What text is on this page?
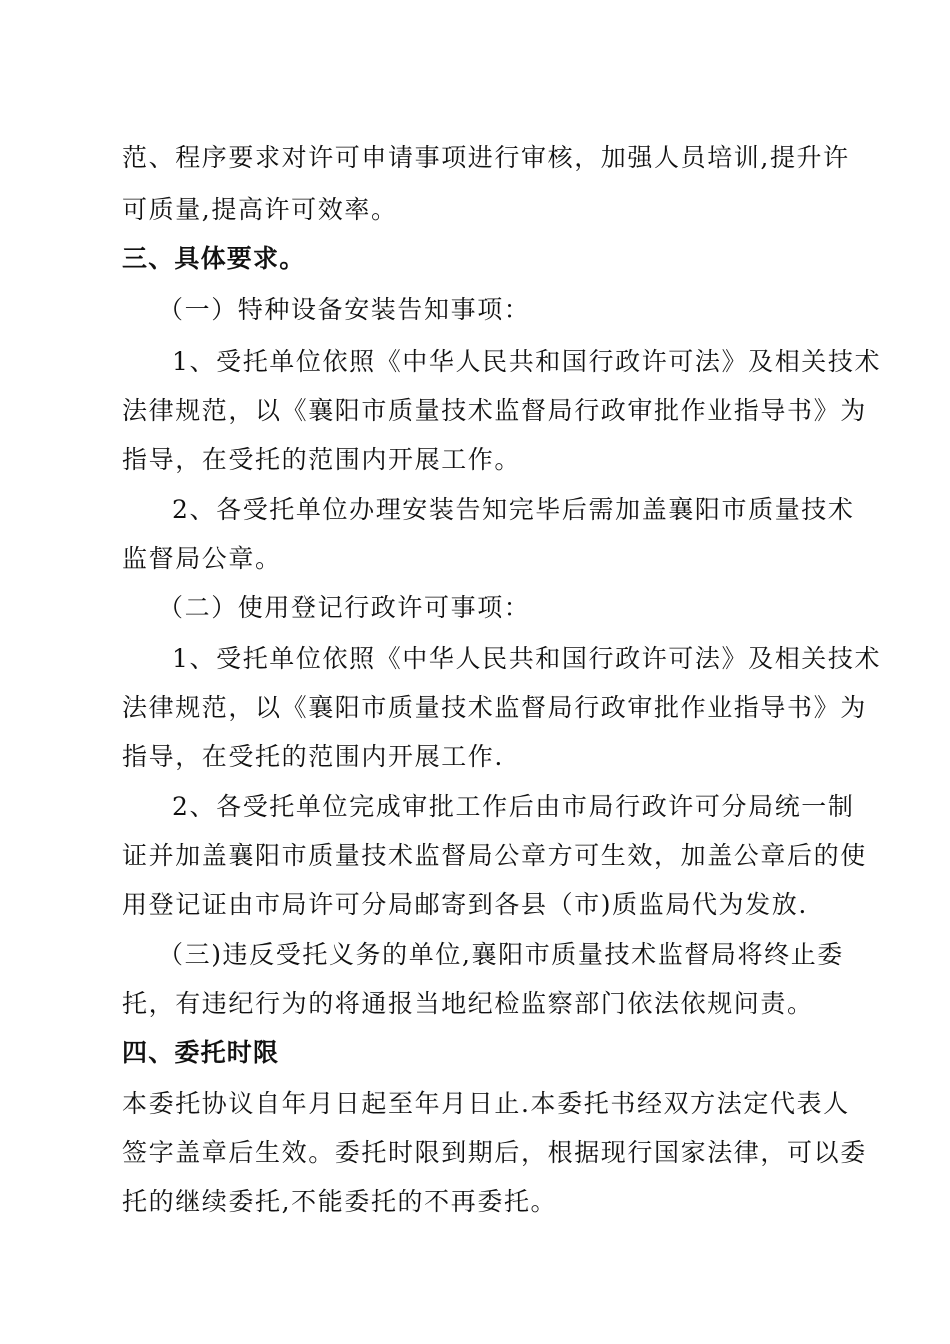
范、程序要求对许可申请事项进行审核，加强人员培训,提升许
可质量,提高许可效率。
三、具体要求。
（一）特种设备安装告知事项：
1、受托单位依照《中华人民共和国行政许可法》及相关技术
法律规范，以《襄阳市质量技术监督局行政审批作业指导书》为
指导，在受托的范围内开展工作。
2、各受托单位办理安装告知完毕后需加盖襄阳市质量技术
监督局公章。
（二）使用登记行政许可事项：
1、受托单位依照《中华人民共和国行政许可法》及相关技术
法律规范，以《襄阳市质量技术监督局行政审批作业指导书》为
指导，在受托的范围内开展工作.
2、各受托单位完成审批工作后由市局行政许可分局统一制
证并加盖襄阳市质量技术监督局公章方可生效，加盖公章后的使
用登记证由市局许可分局邮寄到各县（市)质监局代为发放.
（三)违反受托义务的单位,襄阳市质量技术监督局将终止委
托，有违纪行为的将通报当地纪检监察部门依法依规问责。
四、委托时限
本委托协议自年月日起至年月日止.本委托书经双方法定代表人
签字盖章后生效。委托时限到期后，根据现行国家法律，可以委
托的继续委托,不能委托的不再委托。
